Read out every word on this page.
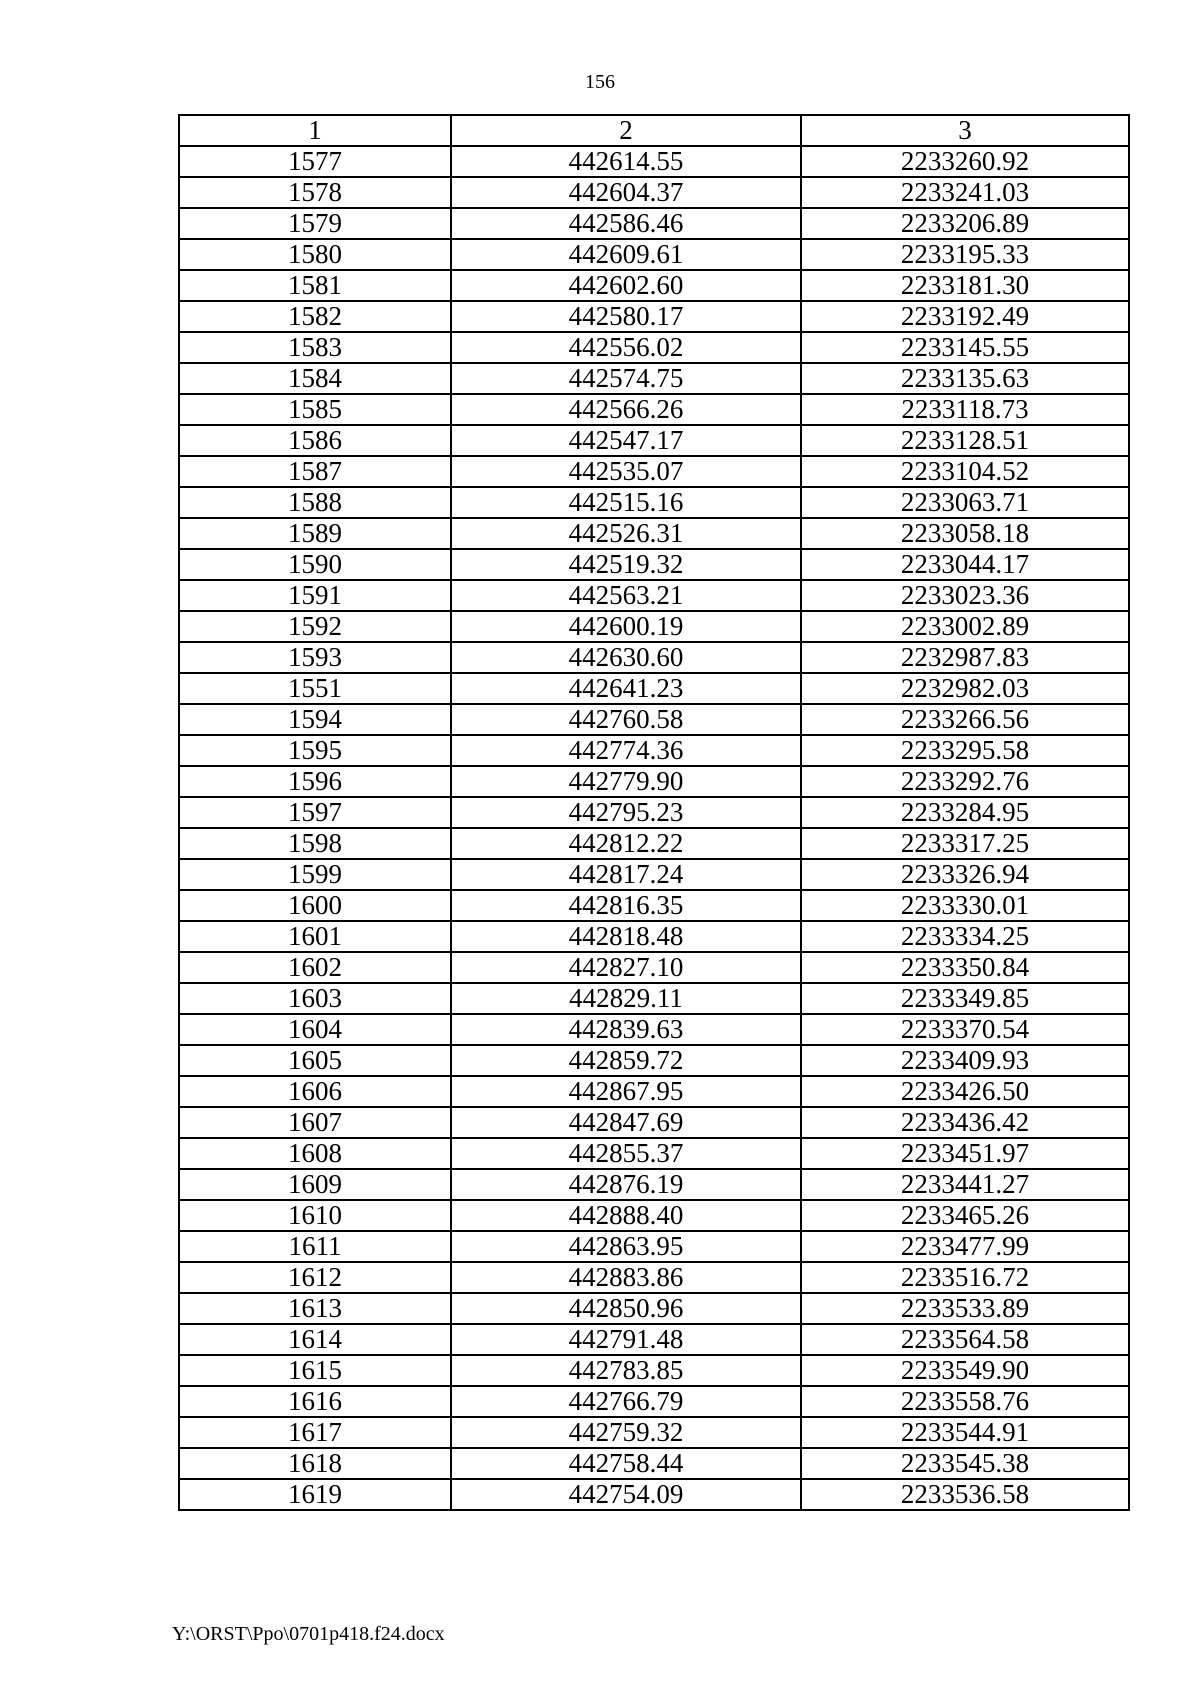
156
1	2	3
1577	442614.55	2233260.92
1578	442604.37	2233241.03
1579	442586.46	2233206.89
1580	442609.61	2233195.33
1581	442602.60	2233181.30
1582	442580.17	2233192.49
1583	442556.02	2233145.55
1584	442574.75	2233135.63
1585	442566.26	2233118.73
1586	442547.17	2233128.51
1587	442535.07	2233104.52
1588	442515.16	2233063.71
1589	442526.31	2233058.18
1590	442519.32	2233044.17
1591	442563.21	2233023.36
1592	442600.19	2233002.89
1593	442630.60	2232987.83
1551	442641.23	2232982.03
1594	442760.58	2233266.56
1595	442774.36	2233295.58
1596	442779.90	2233292.76
1597	442795.23	2233284.95
1598	442812.22	2233317.25
1599	442817.24	2233326.94
1600	442816.35	2233330.01
1601	442818.48	2233334.25
1602	442827.10	2233350.84
1603	442829.11	2233349.85
1604	442839.63	2233370.54
1605	442859.72	2233409.93
1606	442867.95	2233426.50
1607	442847.69	2233436.42
1608	442855.37	2233451.97
1609	442876.19	2233441.27
1610	442888.40	2233465.26
1611	442863.95	2233477.99
1612	442883.86	2233516.72
1613	442850.96	2233533.89
1614	442791.48	2233564.58
1615	442783.85	2233549.90
1616	442766.79	2233558.76
1617	442759.32	2233544.91
1618	442758.44	2233545.38
1619	442754.09	2233536.58
Y:\ORST\Ppo\0701p418.f24.docx
